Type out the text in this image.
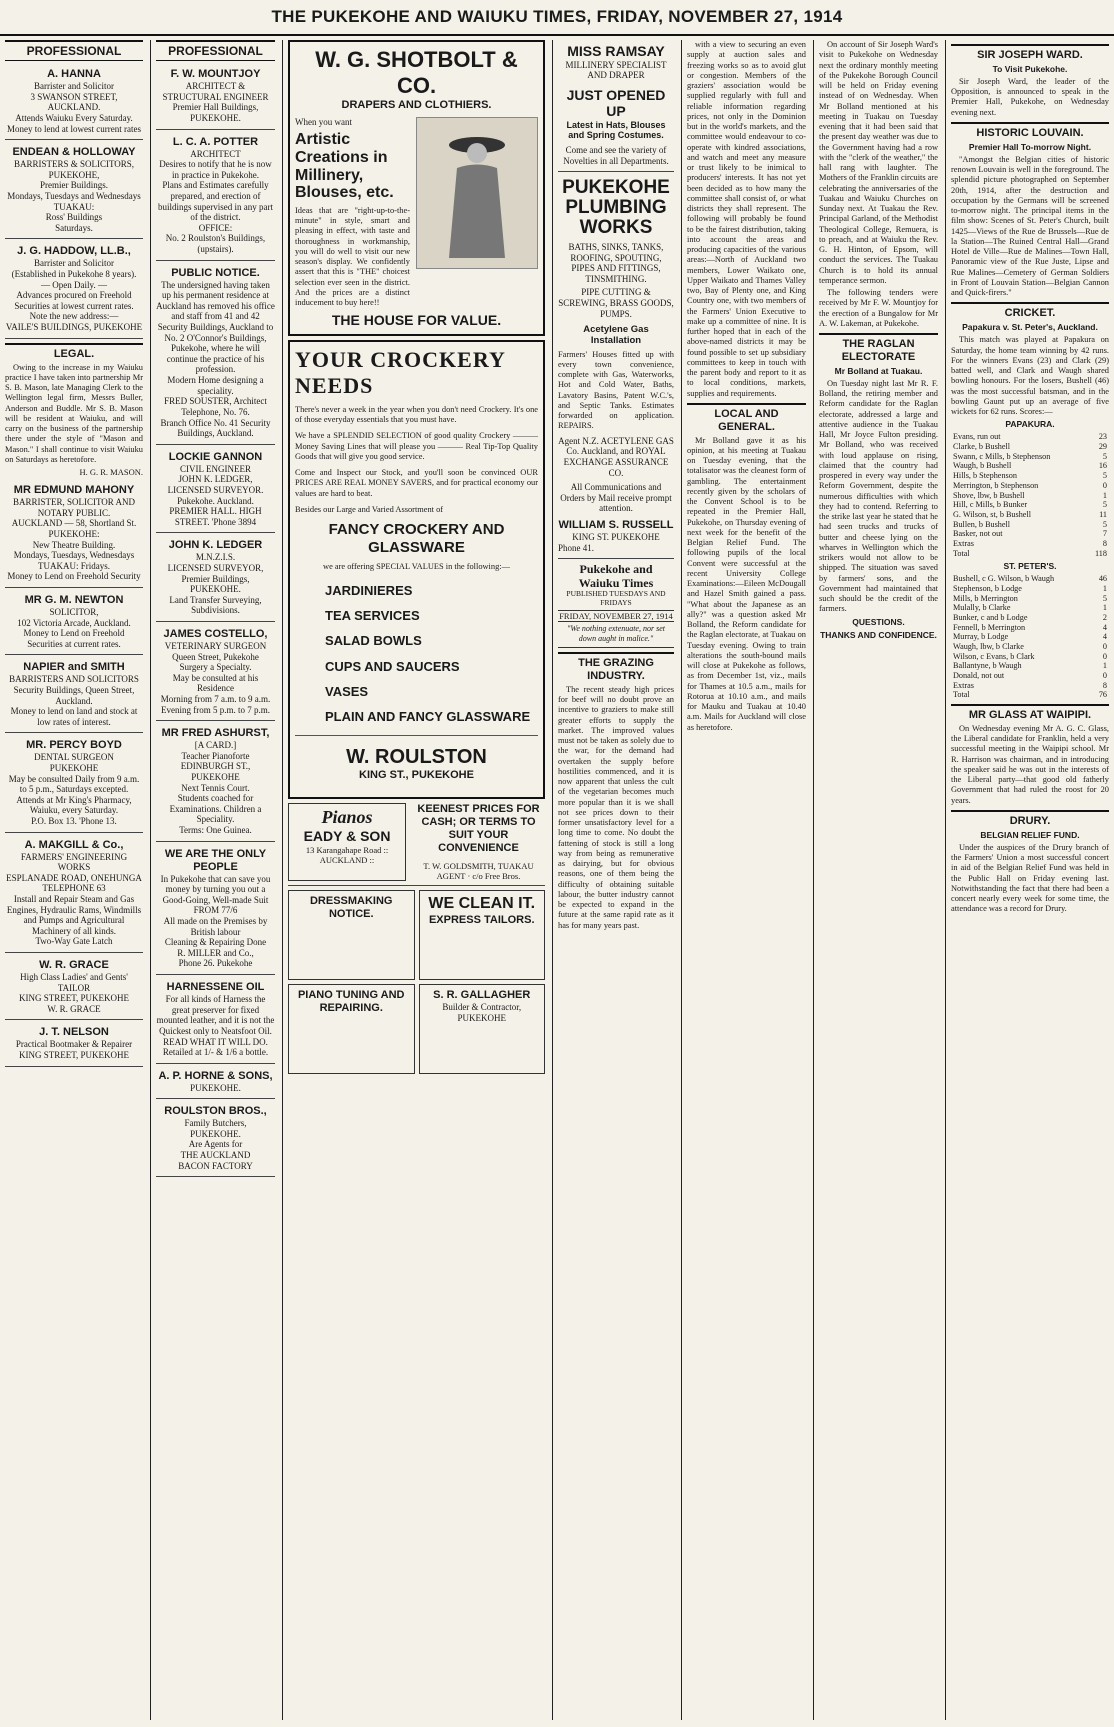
THE PUKEKOHE AND WAIUKU TIMES, FRIDAY, NOVEMBER 27, 1914
PROFESSIONAL
A. HANNA
Barrister and Solicitor
3 SWANSON STREET, AUCKLAND.
Attends Waiuku Every Saturday.
Money to lend at lowest current rates
ENDEAN & HOLLOWAY
BARRISTERS & SOLICITORS,
PUKEKOHE,
Premier Buildings.
Mondays, Tuesdays and Wednesdays
TUAKAU:
Ross' Buildings
Saturdays.
J. G. HADDOW, LL.B.,
Barrister and Solicitor
(Established in Pukekohe 8 years).
— Open Daily. —
Advances procured on Freehold Securities at lowest current rates.
Note the new address:—
VAILE'S BUILDINGS, PUKEKOHE
LEGAL.

Owing to the increase in my Waiuku practice I have taken into partnership Mr S. B. Mason, late Managing Clerk to the Wellington legal firm, Messrs Buller, Anderson and Buddle. Mr S. B. Mason will be resident at Waiuku, and will carry on the business of the partnership there under the style of "Mason and Mason." I shall continue to visit Waiuku on Saturdays as heretofore.

H. G. R. MASON.
MR EDMUND MAHONY
BARRISTER, SOLICITOR AND NOTARY PUBLIC.
AUCKLAND — 58, Shortland St.
PUKEKOHE:
New Theatre Building.
Mondays, Tuesdays, Wednesdays
TUAKAU: Fridays.
Money to Lend on Freehold Security
MR G. M. NEWTON
SOLICITOR,
102 Victoria Arcade, Auckland.
Money to Lend on Freehold Securities at current rates.
NAPIER and SMITH
BARRISTERS AND SOLICITORS
Security Buildings, Queen Street, Auckland.
Money to lend on land and stock at low rates of interest.
MR. PERCY BOYD
DENTAL SURGEON
PUKEKOHE
May be consulted Daily from 9 a.m. to 5 p.m., Saturdays excepted.
Attends at Mr King's Pharmacy, Waiuku, every Saturday.
P.O. Box 13. 'Phone 13.
A. MAKGILL & Co.,
FARMERS' ENGINEERING WORKS
ESPLANADE ROAD, ONEHUNGA
TELEPHONE 63
Install and Repair Steam and Gas Engines, Hydraulic Rams, Windmills and Pumps and Agricultural Machinery of all kinds.
Two-Way Gate Latch
W. R. GRACE
High Class Ladies' and Gents' TAILOR
KING STREET, PUKEKOHE
W. R. GRACE
J. T. NELSON
Practical Bootmaker & Repairer
KING STREET, PUKEKOHE
PROFESSIONAL
F. W. MOUNTJOY
ARCHITECT & STRUCTURAL ENGINEER
Premier Hall Buildings, PUKEKOHE.
L. C. A. POTTER
ARCHITECT
Desires to notify that he is now in practice in Pukekohe.
Plans and Estimates carefully prepared, and erection of buildings supervised in any part of the district.
OFFICE:
No. 2 Roulston's Buildings, (upstairs).
PUBLIC NOTICE.
The undersigned having taken up his permanent residence at Auckland has removed his office and staff from 41 and 42 Security Buildings, Auckland to No. 2 O'Connor's Buildings, Pukekohe, where he will continue the practice of his profession.
Modern Home designing a speciality.
FRED SOUSTER, Architect
Telephone, No. 76.
Branch Office No. 41 Security Buildings, Auckland.
LOCKIE GANNON
CIVIL ENGINEER
JOHN K. LEDGER,
LICENSED SURVEYOR.
Pukekohe. Auckland.
PREMIER HALL. HIGH STREET. 'Phone 3894
JOHN K. LEDGER
M.N.Z.I.S.
LICENSED SURVEYOR,
Premier Buildings,
PUKEKOHE.
Land Transfer Surveying, Subdivisions.
JAMES COSTELLO,
VETERINARY SURGEON
Queen Street, Pukekohe
Surgery a Specialty.
May be consulted at his Residence
Morning from 7 a.m. to 9 a.m.
Evening from 5 p.m. to 7 p.m.
MR FRED ASHURST,
[A CARD.]
Teacher Pianoforte
EDINBURGH ST., PUKEKOHE
Next Tennis Court.
Students coached for Examinations. Children a Speciality.
Terms: One Guinea.
WE ARE THE ONLY PEOPLE
In Pukekohe that can save you money by turning you out a Good-Going, Well-made Suit
FROM 77/6
All made on the Premises by British labour
Cleaning & Repairing Done
R. MILLER and Co.,
Phone 26. Pukekohe
HARNESSENE OIL
For all kinds of Harness the great preserver for fixed mounted leather, and it is not the Quickest only to Neatsfoot Oil.
READ WHAT IT WILL DO.
Retailed at 1/- & 1/6 a bottle.
A. P. HORNE & SONS,
PUKEKOHE.
ROULSTON BROS.,
Family Butchers,
PUKEKOHE.
Are Agents for
THE AUCKLAND
BACON FACTORY
W. G. SHOTBOLT & CO.
DRAPERS AND CLOTHIERS.
When you want
Artistic Creations in Millinery, Blouses, etc.
Ideas that are "right-up-to-the-minute" in style, smart and pleasing in effect, with taste and thoroughness in workmanship, you will do well to visit our new season's display. We confidently assert that this is "THE" choicest selection ever seen in the district. And the prices are a distinct inducement to buy here!!
THE HOUSE FOR VALUE.
YOUR CROCKERY NEEDS
There's never a week in the year when you don't need Crockery. It's one of those everyday essentials that you must have.
We have a SPLENDID SELECTION of good quality Crockery ——— Money Saving Lines that will please you ——— Real Tip-Top Quality Goods that will give you good service.
Come and Inspect our Stock, and you'll soon be convinced OUR PRICES ARE REAL MONEY SAVERS, and for practical economy our values are hard to beat.
Besides our Large and Varied Assortment of
FANCY CROCKERY AND GLASSWARE
we are offering SPECIAL VALUES in the following:—
JARDINIERES
TEA SERVICES
SALAD BOWLS
CUPS AND SAUCERS
VASES
PLAIN AND FANCY GLASSWARE
W. ROULSTON
KING ST., PUKEKOHE
Pianos
EADY & SON
13 Karangahape Road :: AUCKLAND ::
KEENEST PRICES FOR CASH; OR TERMS TO SUIT YOUR CONVENIENCE
T. W. GOLDSMITH, TUAKAU AGENT · c/o Free Bros.
DRESSMAKING NOTICE.
WE CLEAN IT.
EXPRESS TAILORS.
PIANO TUNING AND REPAIRING.
S. R. GALLAGHER
Builder & Contractor, PUKEKOHE
MISS RAMSAY
MILLINERY SPECIALIST
AND DRAPER
JUST OPENED UP
Latest in Hats, Blouses and Spring Costumes.
Come and see the variety of Novelties in all Departments.
PUKEKOHE PLUMBING WORKS
BATHS, SINKS, TANKS, ROOFING, SPOUTING, PIPES AND FITTINGS, TINSMITHING.
PIPE CUTTING & SCREWING, BRASS GOODS, PUMPS.
Acetylene Gas Installation
Farmers' Houses fitted up with every town convenience, complete with Gas, Waterworks, Hot and Cold Water, Baths, Lavatory Basins, Patent W.C.'s, and Septic Tanks. Estimates forwarded on application. REPAIRS.
Agent N.Z. ACETYLENE GAS Co. Auckland, and ROYAL EXCHANGE ASSURANCE CO.
All Communications and Orders by Mail receive prompt attention.
WILLIAM S. RUSSELL
KING ST. PUKEKOHE
Phone 41.
Pukekohe and Waiuku Times
PUBLISHED TUESDAYS AND FRIDAYS
FRIDAY, NOVEMBER 27, 1914
"We nothing extenuate, nor set down aught in malice."
THE GRAZING INDUSTRY.

The recent steady high prices for beef will no doubt prove an incentive to graziers to make still greater efforts to supply the market. The improved values must not be taken as solely due to the war, for the demand had overtaken the supply before hostilities commenced, and it is now apparent that unless the cult of the vegetarian becomes much more popular than it is we shall not see prices down to their former unsatisfactory level for a long time to come. No doubt the fattening of stock is still a long way from being as remunerative as dairying, but for obvious reasons, one of them being the difficulty of obtaining suitable labour, the butter industry cannot be expected to expand in the future at the same rapid rate as it has for many years past.

with a view to securing an even supply at auction sales and freezing works so as to avoid glut or congestion. Members of the graziers' association would be supplied regularly with full and reliable information regarding prices, not only in the Dominion but in the world's markets, and the committee would endeavour to co-operate with kindred associations, and watch and meet any measure or trust likely to be inimical to producers' interests. It has not yet been decided as to how many the committee shall consist of, or what districts they shall represent. The following will probably be found to be the fairest distribution, taking into account the areas and producing capacities of the various areas:—North of Auckland two members, Lower Waikato one, Upper Waikato and Thames Valley two, Bay of Plenty one, and King Country one, with two members of the Farmers' Union Executive to make up a committee of nine. It is further hoped that in each of the above-named districts it may be found possible to set up subsidiary committees to keep in touch with the parent body and report to it as to local conditions, markets, supplies and requirements.

LOCAL AND GENERAL.

Mr Bolland gave it as his opinion, at his meeting at Tuakau on Tuesday evening, that the totalisator was the cleanest form of gambling. The entertainment recently given by the scholars of the Convent School is to be repeated in the Premier Hall, Pukekohe, on Thursday evening of next week for the benefit of the Belgian Relief Fund. The following pupils of the local Convent were successful at the recent University College Examinations:—Eileen McDougall and Hazel Smith gained a pass. "What about the Japanese as an ally?" was a question asked Mr Bolland, the Reform candidate for the Raglan electorate, at Tuakau on Tuesday evening. Owing to train alterations the south-bound mails will close at Pukekohe as follows, as from December 1st, viz., mails for Thames at 10.5 a.m., mails for Rotorua at 10.10 a.m., and mails for Mauku and Tuakau at 10.40 a.m. Mails for Auckland will close as heretofore.

On account of Sir Joseph Ward's visit to Pukekohe on Wednesday next the ordinary monthly meeting of the Pukekohe Borough Council will be held on Friday evening instead of on Wednesday. When Mr Bolland mentioned at his meeting in Tuakau on Tuesday evening that it had been said that the present day weather was due to the Government having had a row with the "clerk of the weather," the hall rang with laughter. The Mothers of the Franklin circuits are celebrating the anniversaries of the Tuakau and Waiuku Churches on Sunday next. At Tuakau the Rev. Principal Garland, of the Methodist Theological College, Remuera, is to preach, and at Waiuku the Rev. G. H. Hinton, of Epsom, will conduct the services. The Tuakau Church is to hold its annual temperance sermon.

The following tenders were received by Mr F. W. Mountjoy for the erection of a Bungalow for Mr A. W. Lakeman, at Pukekohe.

THE RAGLAN ELECTORATE
Mr Bolland at Tuakau.

On Tuesday night last Mr R. F. Bolland, the retiring member and Reform candidate for the Raglan electorate, addressed a large and attentive audience in the Tuakau Hall, Mr Joyce Fulton presiding. Mr Bolland, who was received with loud applause on rising, claimed that the country had prospered in every way under the Reform Government, despite the numerous difficulties with which they had to contend. Referring to the strike last year he stated that he had seen trucks and trucks of butter and cheese lying on the wharves in Wellington which the strikers would not allow to be shipped. The situation was saved by farmers' sons, and the Government had maintained that such should be the credit of the farmers.

QUESTIONS.
THANKS AND CONFIDENCE.
SIR JOSEPH WARD.
To Visit Pukekohe.

Sir Joseph Ward, the leader of the Opposition, is announced to speak in the Premier Hall, Pukekohe, on Wednesday evening next.

HISTORIC LOUVAIN.
Premier Hall To-morrow Night.

"Amongst the Belgian cities of historic renown Louvain is well in the foreground. The splendid picture photographed on September 20th, 1914, after the destruction and occupation by the Germans will be screened to-morrow night. The principal items in the film show: Scenes of St. Peter's Church, built 1425—Views of the Rue de Brussels—Rue de la Station—The Ruined Central Hall—Grand Hotel de Ville—Rue de Malines—Town Hall, Panoramic view of the Rue Juste, Lipse and Rue Malines—Cemetery of German Soldiers in Front of Louvain Station—Belgian Cannon and Quick-firers."

CRICKET.
Papakura v. St. Peter's, Auckland.

This match was played at Papakura on Saturday, the home team winning by 42 runs. For the winners Evans (23) and Clark (29) batted well, and Clark and Waugh shared bowling honours. For the losers, Bushell (46) was the most successful batsman, and in the bowling Gaunt put up an average of five wickets for 62 runs. Scores:—

PAPAKURA.
Evans, run out	23
Clarke, b Bushell	29
Swann, c Mills, b Stephenson	5
Waugh, b Bushell	16
Hills, b Stephenson	5
Merrington, b Stephenson	0
Shove, lbw, b Bushell	1
Hill, c Mills, b Bunker	5
G. Wilson, st, b Bushell	11
Bullen, b Bushell	5
Basker, not out	7
Extras	8
Total	118
ST. PETER'S.
Bushell, c G. Wilson, b Waugh	46
Stephenson, b Lodge	1
Mills, b Merrington	5
Mulally, b Clarke	1
Bunker, c and b Lodge	2
Fennell, b Merrington	4
Murray, b Lodge	4
Waugh, lbw, b Clarke	0
Wilson, c Evans, b Clark	0
Ballantyne, b Waugh	1
Donald, not out	0
Extras	8
Total	76
MR GLASS AT WAIPIPI.

On Wednesday evening Mr A. G. C. Glass, the Liberal candidate for Franklin, held a very successful meeting in the Waipipi school. Mr R. Harrison was chairman, and in introducing the speaker said he was out in the interests of the Liberal party—that good old fatherly Government that had ruled the roost for 20 years.

DRURY.
BELGIAN RELIEF FUND.

Under the auspices of the Drury branch of the Farmers' Union a most successful concert in aid of the Belgian Relief Fund was held in the Public Hall on Friday evening last. Notwithstanding the fact that there had been a concert nearly every week for some time, the attendance was a record for Drury.
